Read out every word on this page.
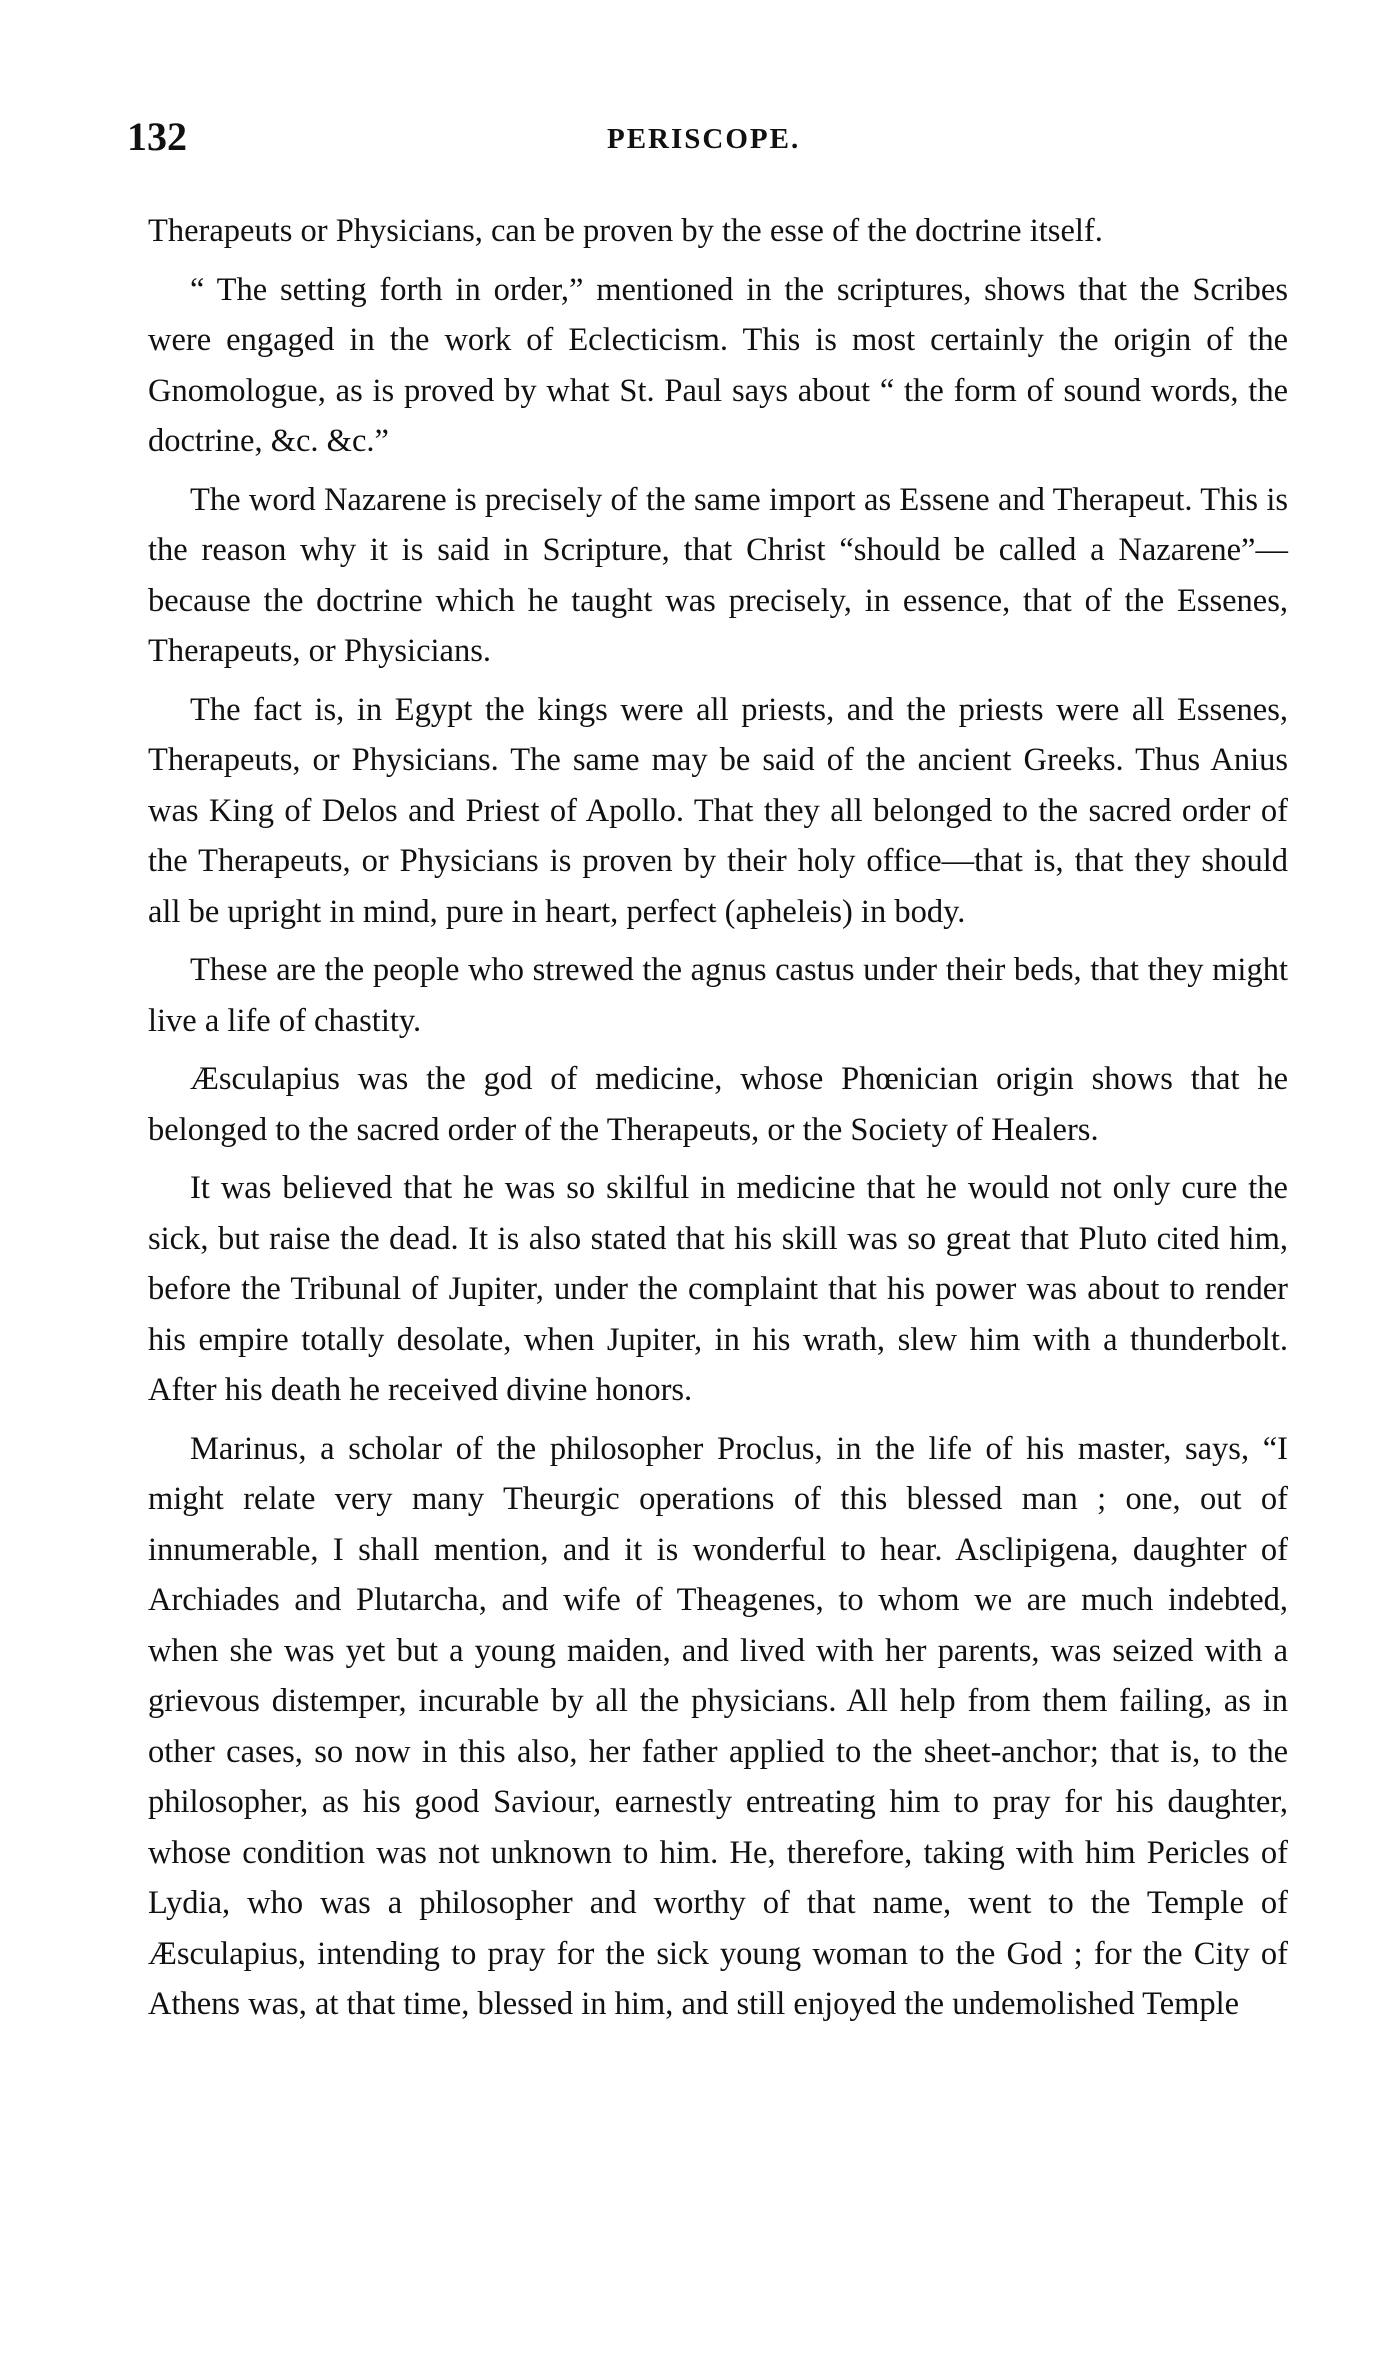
132	PERISCOPE.

Therapeuts or Physicians, can be proven by the esse of the doctrine itself.

“ The setting forth in order,” mentioned in the scriptures, shows that the Scribes were engaged in the work of Eclecticism. This is most certainly the origin of the Gnomologue, as is proved by what St. Paul says about “ the form of sound words, the doctrine, &c. &c.”

The word Nazarene is precisely of the same import as Essene and Therapeut. This is the reason why it is said in Scripture, that Christ “should be called a Nazarene”—because the doctrine which he taught was precisely, in essence, that of the Essenes, Therapeuts, or Physicians.

The fact is, in Egypt the kings were all priests, and the priests were all Essenes, Therapeuts, or Physicians. The same may be said of the ancient Greeks. Thus Anius was King of Delos and Priest of Apollo. That they all belonged to the sacred order of the Therapeuts, or Physicians is proven by their holy office—that is, that they should all be upright in mind, pure in heart, perfect (apheleis) in body.

These are the people who strewed the agnus castus under their beds, that they might live a life of chastity.

Æsculapius was the god of medicine, whose Phœnician origin shows that he belonged to the sacred order of the Therapeuts, or the Society of Healers.

It was believed that he was so skilful in medicine that he would not only cure the sick, but raise the dead. It is also stated that his skill was so great that Pluto cited him, before the Tribunal of Jupiter, under the complaint that his power was about to render his empire totally desolate, when Jupiter, in his wrath, slew him with a thunderbolt. After his death he received divine honors.

Marinus, a scholar of the philosopher Proclus, in the life of his master, says, “I might relate very many Theurgic operations of this blessed man ; one, out of innumerable, I shall mention, and it is wonderful to hear. Asclipigena, daughter of Archiades and Plutarcha, and wife of Theagenes, to whom we are much indebted, when she was yet but a young maiden, and lived with her parents, was seized with a grievous distemper, incurable by all the physicians. All help from them failing, as in other cases, so now in this also, her father applied to the sheet-anchor; that is, to the philosopher, as his good Saviour, earnestly entreating him to pray for his daughter, whose condition was not unknown to him. He, therefore, taking with him Pericles of Lydia, who was a philosopher and worthy of that name, went to the Temple of Æsculapius, intending to pray for the sick young woman to the God ; for the City of Athens was, at that time, blessed in him, and still enjoyed the undemolished Temple
